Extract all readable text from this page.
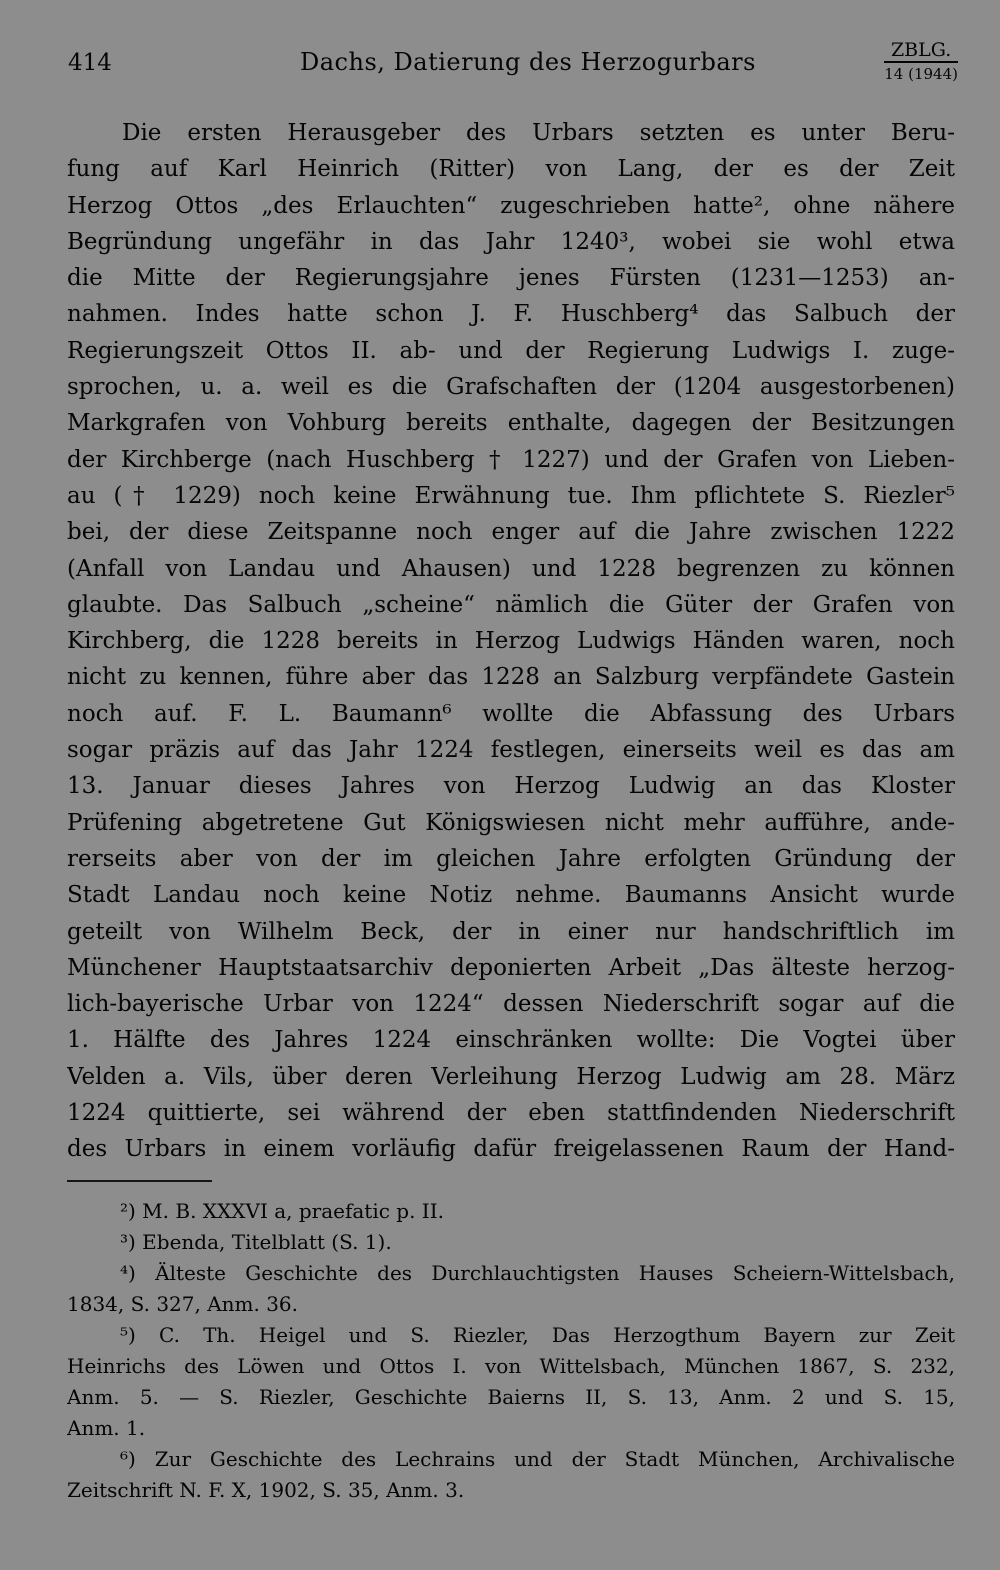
414	Dachs, Datierung des Herzogurbars	ZBLG.
14 (1944)
Die ersten Herausgeber des Urbars setzten es unter Beru-
fung auf Karl Heinrich (Ritter) von Lang, der es der Zeit
Herzog Ottos „des Erlauchten“ zugeschrieben hatte², ohne nähere
Begründung ungefähr in das Jahr 1240³, wobei sie wohl etwa
die Mitte der Regierungsjahre jenes Fürsten (1231—1253) an-
nahmen. Indes hatte schon J. F. Huschberg⁴ das Salbuch der
Regierungszeit Ottos II. ab- und der Regierung Ludwigs I. zuge-
sprochen, u. a. weil es die Grafschaften der (1204 ausgestorbenen)
Markgrafen von Vohburg bereits enthalte, dagegen der Besitzungen
der Kirchberge (nach Huschberg † 1227) und der Grafen von Lieben-
au († 1229) noch keine Erwähnung tue. Ihm pflichtete S. Riezler⁵
bei, der diese Zeitspanne noch enger auf die Jahre zwischen 1222
(Anfall von Landau und Ahausen) und 1228 begrenzen zu können
glaubte. Das Salbuch „scheine“ nämlich die Güter der Grafen von
Kirchberg, die 1228 bereits in Herzog Ludwigs Händen waren, noch
nicht zu kennen, führe aber das 1228 an Salzburg verpfändete Gastein
noch auf. F. L. Baumann⁶ wollte die Abfassung des Urbars
sogar präzis auf das Jahr 1224 festlegen, einerseits weil es das am
13. Januar dieses Jahres von Herzog Ludwig an das Kloster
Prüfening abgetretene Gut Königswiesen nicht mehr aufführe, ande-
rerseits aber von der im gleichen Jahre erfolgten Gründung der
Stadt Landau noch keine Notiz nehme. Baumanns Ansicht wurde
geteilt von Wilhelm Beck, der in einer nur handschriftlich im
Münchener Hauptstaatsarchiv deponierten Arbeit „Das älteste herzog-
lich-bayerische Urbar von 1224“ dessen Niederschrift sogar auf die
1. Hälfte des Jahres 1224 einschränken wollte: Die Vogtei über
Velden a. Vils, über deren Verleihung Herzog Ludwig am 28. März
1224 quittierte, sei während der eben stattfindenden Niederschrift
des Urbars in einem vorläufig dafür freigelassenen Raum der Hand-
²) M. B. XXXVI a, praefatic p. II.
³) Ebenda, Titelblatt (S. 1).
⁴) Älteste Geschichte des Durchlauchtigsten Hauses Scheiern-Wittelsbach,
1834, S. 327, Anm. 36.
⁵) C. Th. Heigel und S. Riezler, Das Herzogthum Bayern zur Zeit
Heinrichs des Löwen und Ottos I. von Wittelsbach, München 1867, S. 232,
Anm. 5. — S. Riezler, Geschichte Baierns II, S. 13, Anm. 2 und S. 15,
Anm. 1.
⁶) Zur Geschichte des Lechrains und der Stadt München, Archivalische
Zeitschrift N. F. X, 1902, S. 35, Anm. 3.
